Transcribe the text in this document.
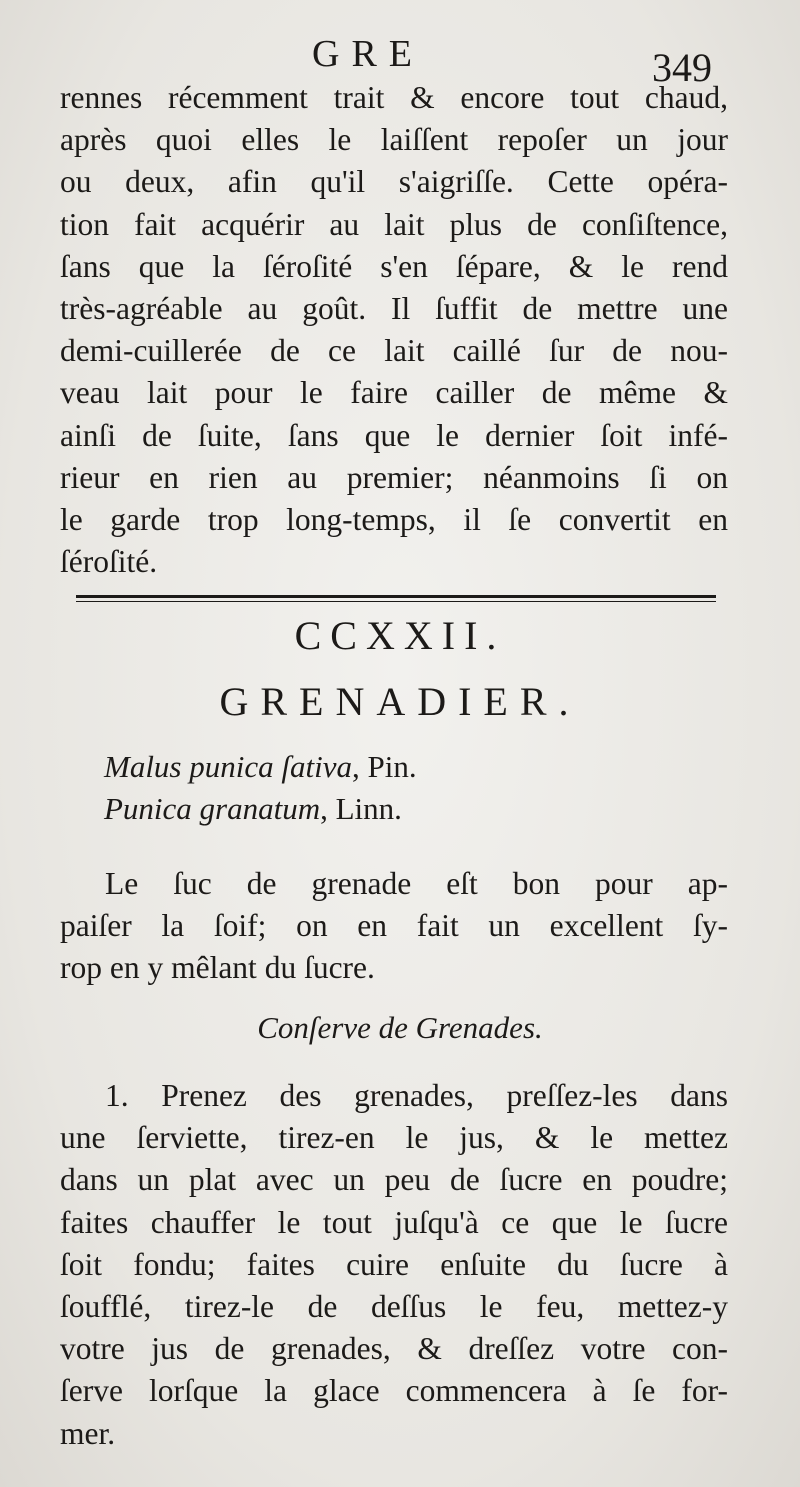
GRE	349
rennes récemment trait & encore tout chaud,
après quoi elles le laiſſent repoſer un jour
ou deux, afin qu'il s'aigriſſe. Cette opéra-
tion fait acquérir au lait plus de conſiſtence,
ſans que la ſéroſité s'en ſépare, & le rend
très-agréable au goût. Il ſuffit de mettre une
demi-cuillerée de ce lait caillé ſur de nou-
veau lait pour le faire cailler de même &
ainſi de ſuite, ſans que le dernier ſoit infé-
rieur en rien au premier; néanmoins ſi on
le garde trop long-temps, il ſe convertit en
ſéroſité.
CCXXII.
GRENADIER.
Malus punica ſativa, Pin.
Punica granatum, Linn.
Le ſuc de grenade eſt bon pour ap-
paiſer la ſoif; on en fait un excellent ſy-
rop en y mêlant du ſucre.
Conſerve de Grenades.
1. Prenez des grenades, preſſez-les dans
une ſerviette, tirez-en le jus, & le mettez
dans un plat avec un peu de ſucre en poudre;
faites chauffer le tout juſqu'à ce que le ſucre
ſoit fondu; faites cuire enſuite du ſucre à
ſoufflé, tirez-le de deſſus le feu, mettez-y
votre jus de grenades, & dreſſez votre con-
ſerve lorſque la glace commencera à ſe for-
mer.
